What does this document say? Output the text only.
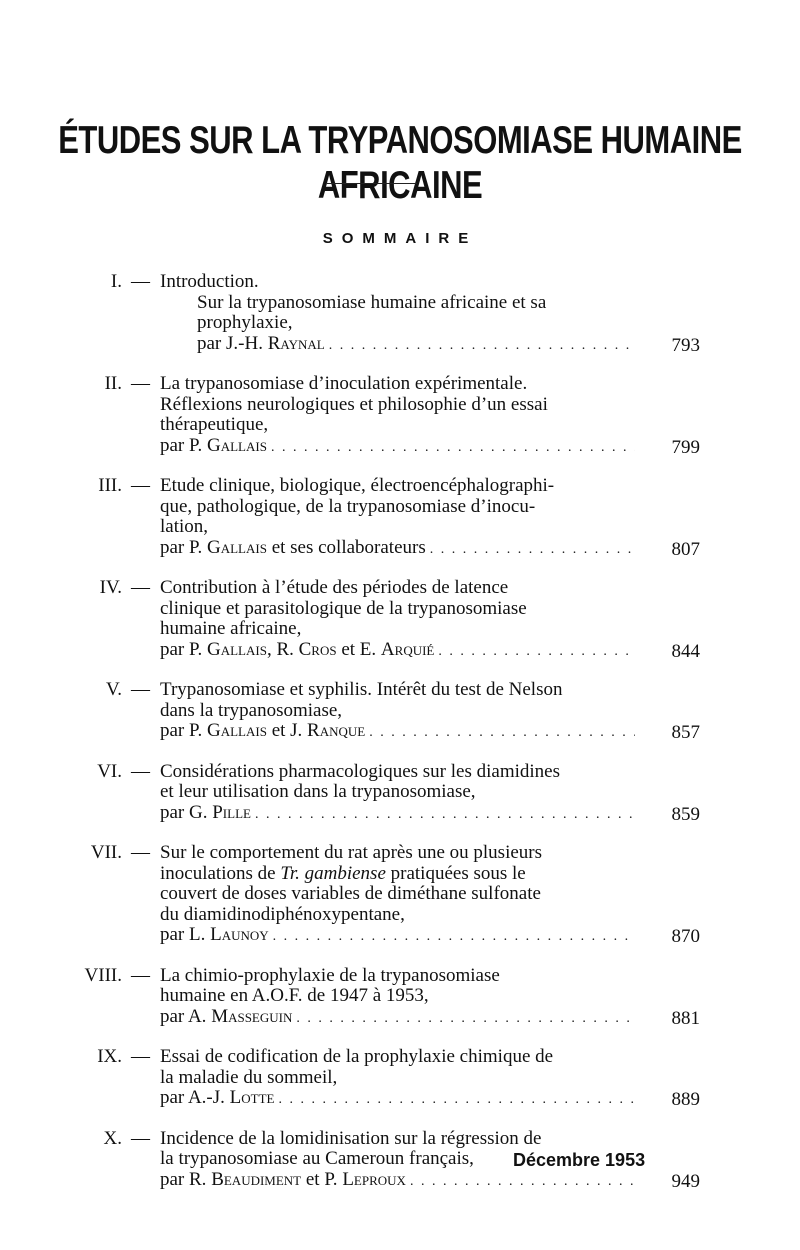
ÉTUDES SUR LA TRYPANOSOMIASE HUMAINE AFRICAINE
SOMMAIRE
I. — Introduction.
Sur la trypanosomiase humaine africaine et sa
prophylaxie,
par J.-H. Raynal . . .	793
II. — La trypanosomiase d’inoculation expérimentale.
Réflexions neurologiques et philosophie d’un essai
thérapeutique,
par P. Gallais . . .	799
III. — Etude clinique, biologique, électroencéphalographi-
que, pathologique, de la trypanosomiase d’inocu-
lation,
par P. Gallais et ses collaborateurs . . .	807
IV. — Contribution à l’étude des périodes de latence
clinique et parasitologique de la trypanosomiase
humaine africaine,
par P. Gallais, R. Cros et E. Arquié . . .	844
V. — Trypanosomiase et syphilis. Intérêt du test de Nelson
dans la trypanosomiase,
par P. Gallais et J. Ranque . . .	857
VI. — Considérations pharmacologiques sur les diamidines
et leur utilisation dans la trypanosomiase,
par G. Pille . . .	859
VII. — Sur le comportement du rat après une ou plusieurs
inoculations de Tr. gambiense pratiquées sous le
couvert de doses variables de diméthane sulfonate
du diamidinodiphénoxypentane,
par L. Launoy . . .	870
VIII. — La chimio-prophylaxie de la trypanosomiase
humaine en A.O.F. de 1947 à 1953,
par A. Masseguin . . .	881
IX. — Essai de codification de la prophylaxie chimique de
la maladie du sommeil,
par A.-J. Lotte . . .	889
X. — Incidence de la lomidinisation sur la régression de
la trypanosomiase au Cameroun français,
par R. Beaudiment et P. Leproux . . .	949
Décembre 1953
